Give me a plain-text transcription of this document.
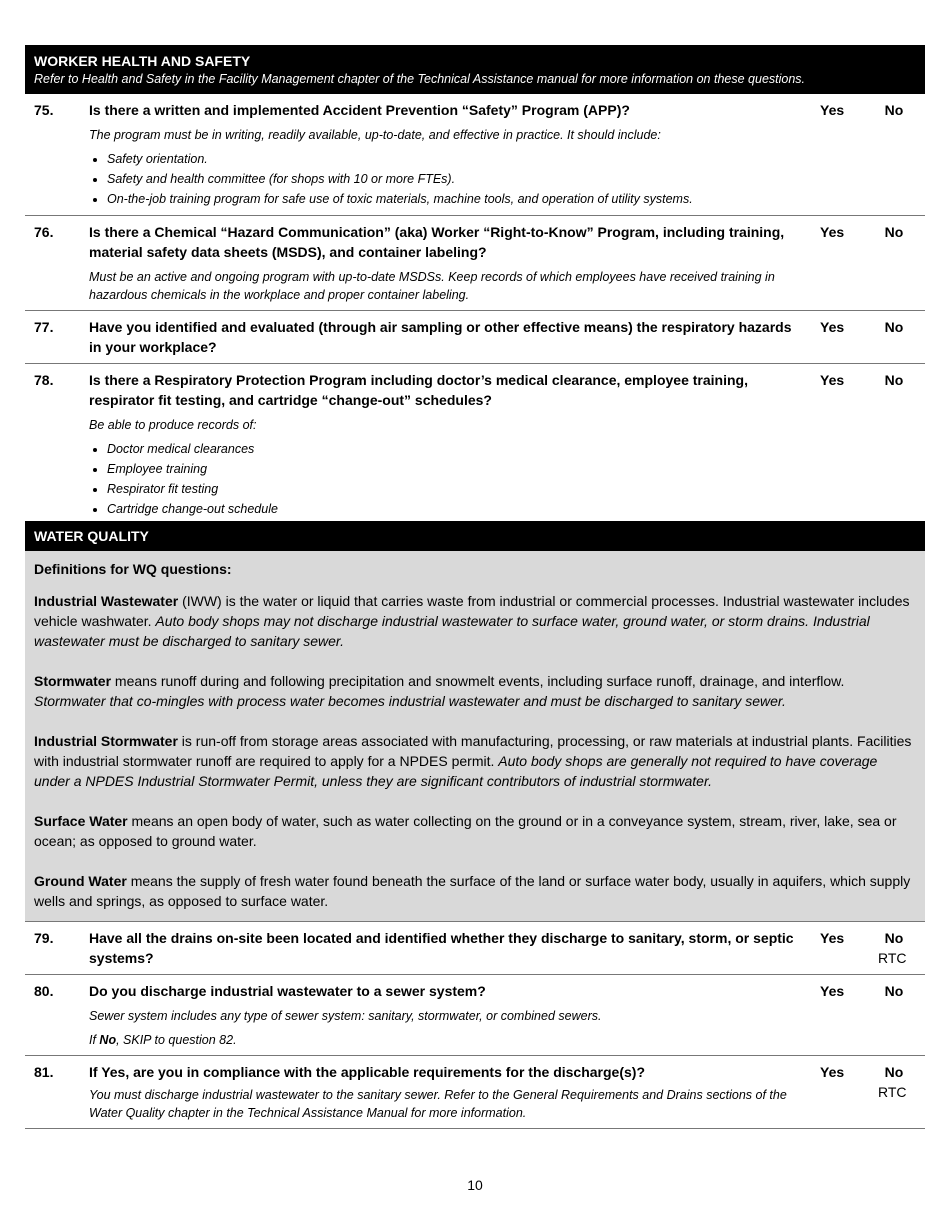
WORKER HEALTH AND SAFETY
Refer to Health and Safety in the Facility Management chapter of the Technical Assistance manual for more information on these questions.
75.	Is there a written and implemented Accident Prevention “Safety” Program (APP)?
The program must be in writing, readily available, up-to-date, and effective in practice. It should include:
• Safety orientation.
• Safety and health committee (for shops with 10 or more FTEs).
• On-the-job training program for safe use of toxic materials, machine tools, and operation of utility systems.
Yes	No
76.	Is there a Chemical “Hazard Communication” (aka) Worker “Right-to-Know” Program, including training, material safety data sheets (MSDS), and container labeling?
Must be an active and ongoing program with up-to-date MSDSs. Keep records of which employees have received training in hazardous chemicals in the workplace and proper container labeling.
Yes	No
77.	Have you identified and evaluated (through air sampling or other effective means) the respiratory hazards in your workplace?
Yes	No
78.	Is there a Respiratory Protection Program including doctor’s medical clearance, employee training, respirator fit testing, and cartridge “change-out” schedules?
Be able to produce records of:
• Doctor medical clearances
• Employee training
• Respirator fit testing
• Cartridge change-out schedule
Yes	No
WATER QUALITY

Definitions for WQ questions:

Industrial Wastewater (IWW) is the water or liquid that carries waste from industrial or commercial processes. Industrial wastewater includes vehicle washwater. Auto body shops may not discharge industrial wastewater to surface water, ground water, or storm drains. Industrial wastewater must be discharged to sanitary sewer.

Stormwater means runoff during and following precipitation and snowmelt events, including surface runoff, drainage, and interflow. Stormwater that co-mingles with process water becomes industrial wastewater and must be discharged to sanitary sewer.

Industrial Stormwater is run-off from storage areas associated with manufacturing, processing, or raw materials at industrial plants. Facilities with industrial stormwater runoff are required to apply for a NPDES permit. Auto body shops are generally not required to have coverage under a NPDES Industrial Stormwater Permit, unless they are significant contributors of industrial stormwater.

Surface Water means an open body of water, such as water collecting on the ground or in a conveyance system, stream, river, lake, sea or ocean; as opposed to ground water.

Ground Water means the supply of fresh water found beneath the surface of the land or surface water body, usually in aquifers, which supply wells and springs, as opposed to surface water.

79.	Have all the drains on-site been located and identified whether they discharge to sanitary, storm, or septic systems?
Yes	No
RTC
80.	Do you discharge industrial wastewater to a sewer system?
Sewer system includes any type of sewer system: sanitary, stormwater, or combined sewers.
If No, SKIP to question 82.
Yes	No
81.	If Yes, are you in compliance with the applicable requirements for the discharge(s)?
You must discharge industrial wastewater to the sanitary sewer. Refer to the General Requirements and Drains sections of the Water Quality chapter in the Technical Assistance Manual for more information.
Yes	No
RTC
10
